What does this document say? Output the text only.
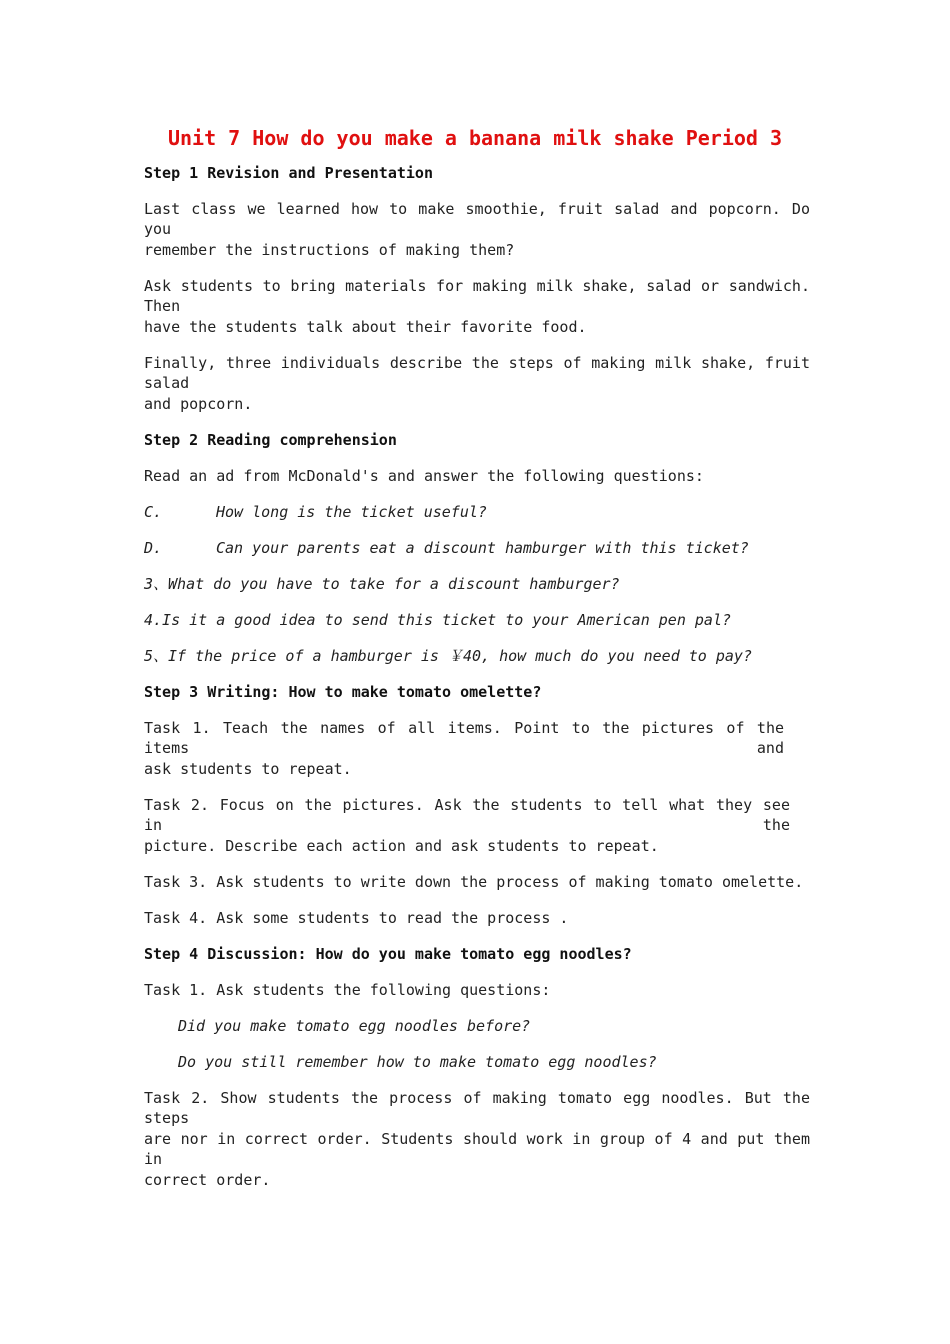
Unit 7 How do you make a banana milk shake Period 3
Step 1 Revision and Presentation
Last class we learned how to make smoothie, fruit salad and popcorn. Do you
remember the instructions of making them?
Ask students to bring materials for making milk shake, salad or sandwich. Then
have the students talk about their favorite food.
Finally, three individuals describe the steps of making milk shake, fruit salad
and popcorn.
Step 2 Reading comprehension
Read an ad from McDonald's and answer the following questions:
C.	How long is the ticket useful?
D.	Can your parents eat a discount hamburger with this ticket?
3、What do you have to take for a discount hamburger?
4.Is it a good idea to send this ticket to your American pen pal?
5、If the price of a hamburger is ￥40, how much do you need to pay?
Step 3 Writing: How to make tomato omelette?
Task 1. Teach the names of all items. Point to the pictures of the items and
ask students to repeat.
Task 2. Focus on the pictures. Ask the students to tell what they see in the
picture. Describe each action and ask students to repeat.
Task 3. Ask students to write down the process of making tomato omelette.
Task 4. Ask some students to read the process .
Step 4 Discussion: How do you make tomato egg noodles?
Task 1. Ask students the following questions:
Did you make tomato egg noodles before?
Do you still remember how to make tomato egg noodles?
Task 2. Show students the process of making tomato egg noodles. But the steps
are nor in correct order. Students should work in group of 4 and put them in
correct order.
